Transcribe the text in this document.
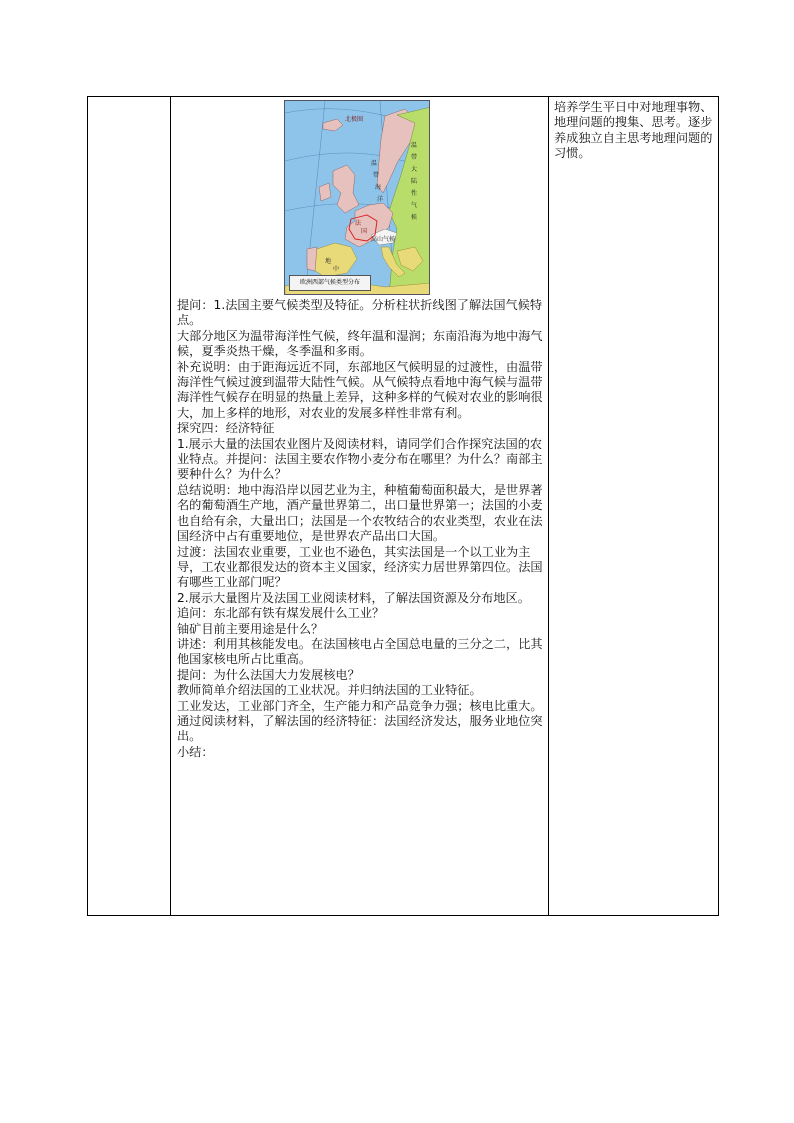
北极圈
法
国
温
带
海
洋
温
带
大
陆
性
气
候
地
中
高山气候
欧洲西部气候类型分布

提问：1.法国主要气候类型及特征。分析柱状折线图了解法国气候特点。

大部分地区为温带海洋性气候，终年温和湿润；东南沿海为地中海气候，夏季炎热干燥，冬季温和多雨。

补充说明：由于距海远近不同，东部地区气候明显的过渡性，由温带海洋性气候过渡到温带大陆性气候。从气候特点看地中海气候与温带海洋性气候存在明显的热量上差异，这种多样的气候对农业的影响很大，加上多样的地形，对农业的发展多样性非常有利。

探究四：经济特征

1.展示大量的法国农业图片及阅读材料，请同学们合作探究法国的农业特点。并提问：法国主要农作物小麦分布在哪里？为什么？南部主要种什么？为什么？

总结说明：地中海沿岸以园艺业为主，种植葡萄面积最大，是世界著名的葡萄酒生产地，酒产量世界第二，出口量世界第一；法国的小麦也自给有余，大量出口；法国是一个农牧结合的农业类型，农业在法国经济中占有重要地位，是世界农产品出口大国。

过渡：法国农业重要，工业也不逊色，其实法国是一个以工业为主导，工农业都很发达的资本主义国家，经济实力居世界第四位。法国有哪些工业部门呢？

2.展示大量图片及法国工业阅读材料，了解法国资源及分布地区。

追问：东北部有铁有煤发展什么工业？

铀矿目前主要用途是什么？

讲述：利用其核能发电。在法国核电占全国总电量的三分之二，比其他国家核电所占比重高。

提问：为什么法国大力发展核电？

教师简单介绍法国的工业状况。并归纳法国的工业特征。

工业发达，工业部门齐全，生产能力和产品竞争力强；核电比重大。

通过阅读材料，了解法国的经济特征：法国经济发达，服务业地位突出。

小结：

培养学生平日中对地理事物、地理问题的搜集、思考。逐步养成独立自主思考地理问题的习惯。
